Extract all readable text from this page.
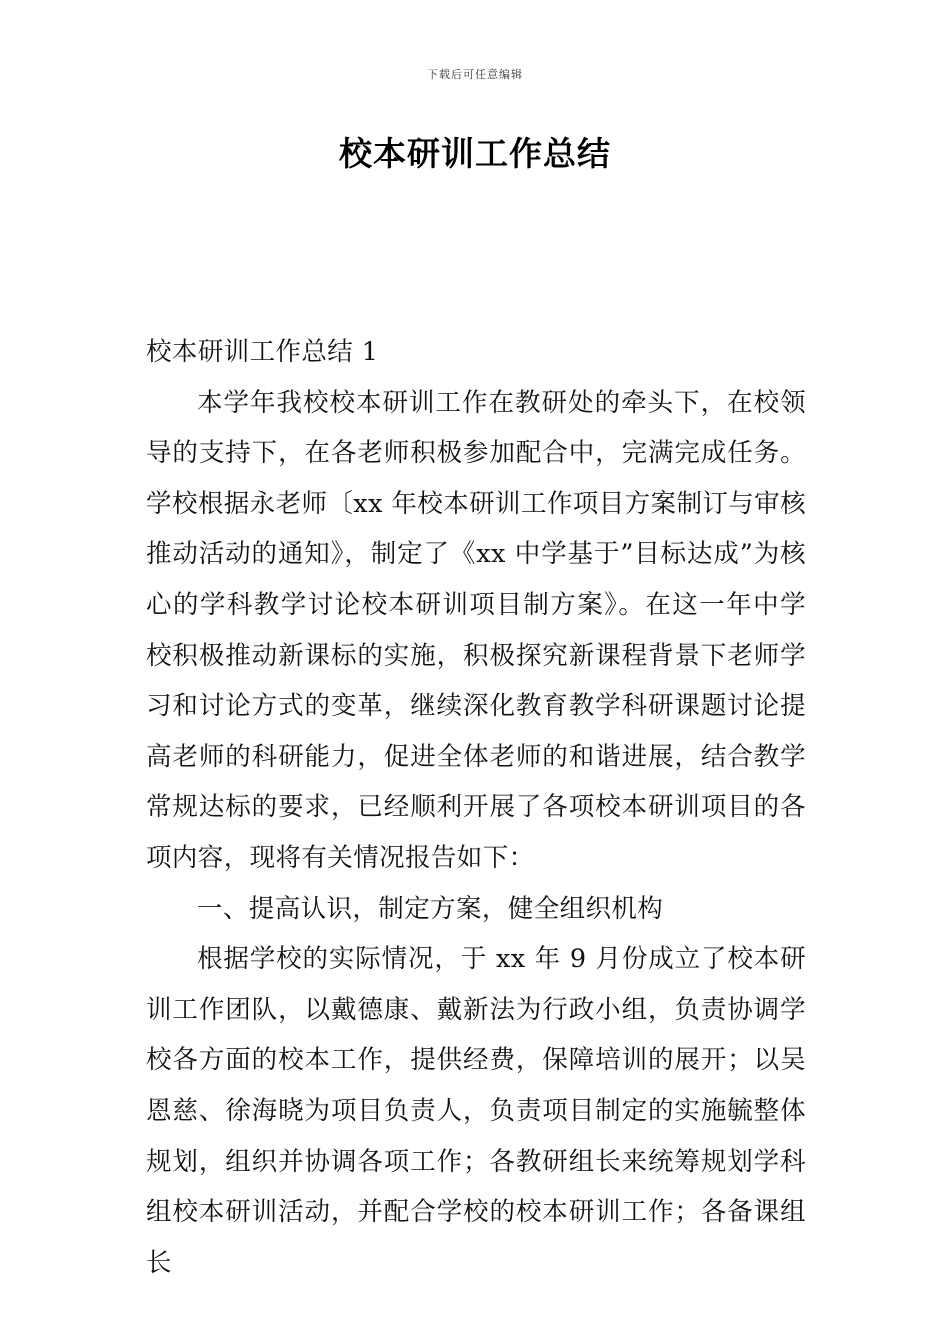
下载后可任意编辑
校本研训工作总结

校本研训工作总结 1

本学年我校校本研训工作在教研处的牵头下，在校领导的支持下，在各老师积极参加配合中，完满完成任务。学校根据永老师〔xx 年校本研训工作项目方案制订与审核推动活动的通知》，制定了《xx 中学基于”目标达成”为核心的学科教学讨论校本研训项目制方案》。在这一年中学校积极推动新课标的实施，积极探究新课程背景下老师学习和讨论方式的变革，继续深化教育教学科研课题讨论提高老师的科研能力，促进全体老师的和谐进展，结合教学常规达标的要求，已经顺利开展了各项校本研训项目的各项内容，现将有关情况报告如下：

一、提高认识，制定方案，健全组织机构

根据学校的实际情况，于 xx 年 9 月份成立了校本研训工作团队，以戴德康、戴新法为行政小组，负责协调学校各方面的校本工作，提供经费，保障培训的展开；以吴恩慈、徐海晓为项目负责人，负责项目制定的实施毓整体规划，组织并协调各项工作；各教研组长来统筹规划学科组校本研训活动，并配合学校的校本研训工作；各备课组长
